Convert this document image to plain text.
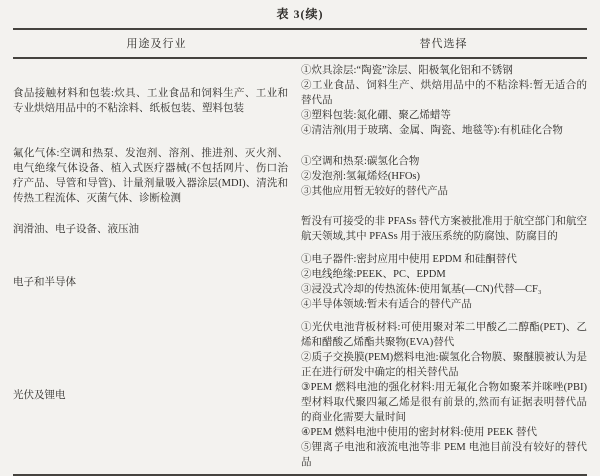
表 3(续)
用途及行业	替代选择
食品接触材料和包装:炊具、工业食品和饲料生产、工业和专业烘焙用品中的不粘涂料、纸板包装、塑料包装	①炊具涂层:“陶瓷”涂层、阳极氧化铝和不锈钢
②工业食品、饲料生产、烘焙用品中的不粘涂料:暂无适合的替代品
③塑料包装:氮化硼、聚乙烯蜡等
④清洁剂(用于玻璃、金属、陶瓷、地毯等):有机硅化合物

氟化气体:空调和热泵、发泡剂、溶剂、推进剂、灭火剂、电气绝缘气体设备、植入式医疗器械(不包括网片、伤口治疗产品、导管和导管)、计量剂量吸入器涂层(MDI)、清洗和传热工程流体、灭菌气体、诊断检测	①空调和热泵:碳氢化合物
②发泡剂:氢氟烯烃(HFOs)
③其他应用暂无较好的替代产品

润滑油、电子设备、液压油	暂没有可接受的非 PFASs 替代方案被批准用于航空部门和航空航天领域,其中 PFASs 用于液压系统的防腐蚀、防腐目的

电子和半导体	①电子器件:密封应用中使用 EPDM 和硅酮替代
②电线绝缘:PEEK、PC、EPDM
③浸没式冷却的传热流体:使用氰基(—CN)代替—CF₃
④半导体领域:暂未有适合的替代产品

光伏及锂电	①光伏电池背板材料:可使用聚对苯二甲酸乙二醇酯(PET)、乙烯和醋酸乙烯酯共聚物(EVA)替代
②质子交换膜(PEM)燃料电池:碳氢化合物膜、聚醚膜被认为是正在进行研发中确定的相关替代品
③PEM 燃料电池的强化材料:用无氟化合物如聚苯并咪唑(PBI)型材料取代聚四氟乙烯是很有前景的,然而有证据表明替代品的商业化需要大量时间
④PEM 燃料电池中使用的密封材料:使用 PEEK 替代
⑤锂离子电池和液流电池等非 PEM 电池目前没有较好的替代品
